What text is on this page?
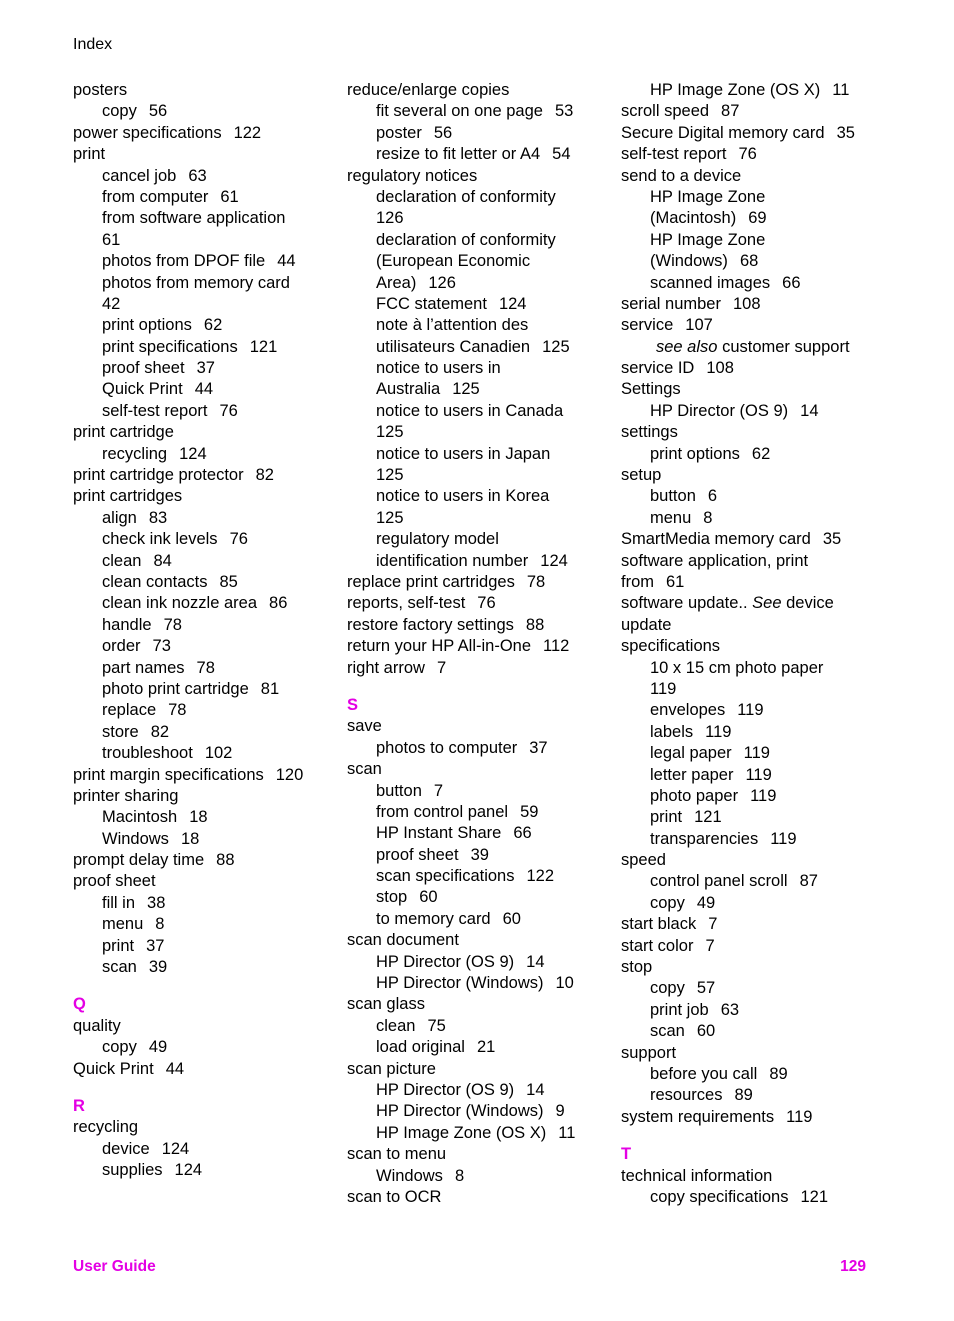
Index
posters
copy 56
power specifications 122
print
cancel job 63
from computer 61
from software application
61
photos from DPOF file 44
photos from memory card
42
print options 62
print specifications 121
proof sheet 37
Quick Print 44
self-test report 76
print cartridge
recycling 124
print cartridge protector 82
print cartridges
align 83
check ink levels 76
clean 84
clean contacts 85
clean ink nozzle area 86
handle 78
order 73
part names 78
photo print cartridge 81
replace 78
store 82
troubleshoot 102
print margin specifications 120
printer sharing
Macintosh 18
Windows 18
prompt delay time 88
proof sheet
fill in 38
menu 8
print 37
scan 39
Q
quality
copy 49
Quick Print 44
R
recycling
device 124
supplies 124
reduce/enlarge copies
fit several on one page 53
poster 56
resize to fit letter or A4 54
regulatory notices
declaration of conformity
126
declaration of conformity
(European Economic
Area) 126
FCC statement 124
note à l’attention des
utilisateurs Canadien 125
notice to users in
Australia 125
notice to users in Canada
125
notice to users in Japan
125
notice to users in Korea
125
regulatory model
identification number 124
replace print cartridges 78
reports, self-test 76
restore factory settings 88
return your HP All-in-One 112
right arrow 7
S
save
photos to computer 37
scan
button 7
from control panel 59
HP Instant Share 66
proof sheet 39
scan specifications 122
stop 60
to memory card 60
scan document
HP Director (OS 9) 14
HP Director (Windows) 10
scan glass
clean 75
load original 21
scan picture
HP Director (OS 9) 14
HP Director (Windows) 9
HP Image Zone (OS X) 11
scan to menu
Windows 8
scan to OCR
HP Image Zone (OS X) 11
scroll speed 87
Secure Digital memory card 35
self-test report 76
send to a device
HP Image Zone
(Macintosh) 69
HP Image Zone
(Windows) 68
scanned images 66
serial number 108
service 107
see also customer support
service ID 108
Settings
HP Director (OS 9) 14
settings
print options 62
setup
button 6
menu 8
SmartMedia memory card 35
software application, print
from 61
software update.. See device
update
specifications
10 x 15 cm photo paper
119
envelopes 119
labels 119
legal paper 119
letter paper 119
photo paper 119
print 121
transparencies 119
speed
control panel scroll 87
copy 49
start black 7
start color 7
stop
copy 57
print job 63
scan 60
support
before you call 89
resources 89
system requirements 119
T
technical information
copy specifications 121
User Guide	129
